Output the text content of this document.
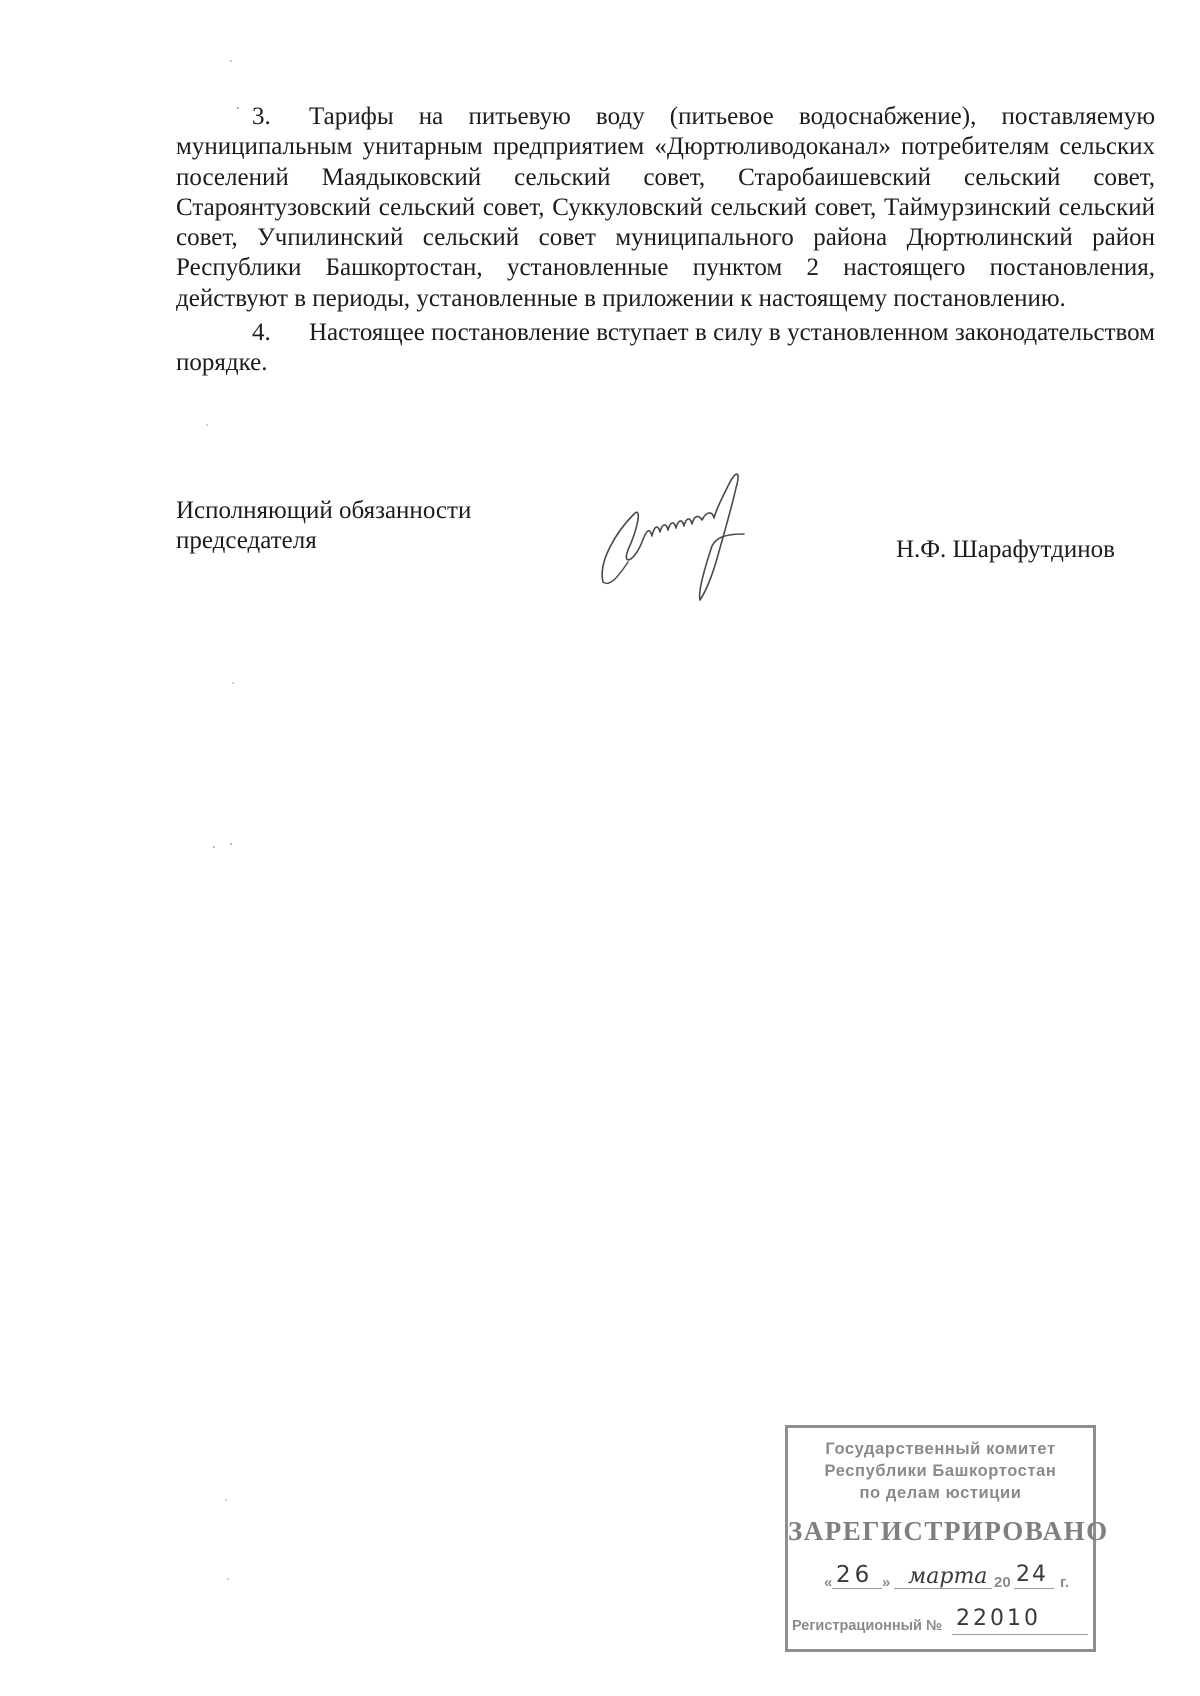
3. Тарифы на питьевую воду (питьевое водоснабжение), поставляемую муниципальным унитарным предприятием «Дюртюливодоканал» потребителям сельских поселений Маядыковский сельский совет, Старобаишевский сельский совет, Староянтузовский сельский совет, Суккуловский сельский совет, Таймурзинский сельский совет, Учпилинский сельский совет муниципального района Дюртюлинский район Республики Башкортостан, установленные пунктом 2 настоящего постановления, действуют в периоды, установленные в приложении к настоящему постановлению.

4. Настоящее постановление вступает в силу в установленном законодательством порядке.

Исполняющий обязанности
председателя	Н.Ф. Шарафутдинов
Государственный комитет
Республики Башкортостан
по делам юстиции
ЗАРЕГИСТРИРОВАНО
« 26 » марта 20 24 г.
Регистрационный № 22010
